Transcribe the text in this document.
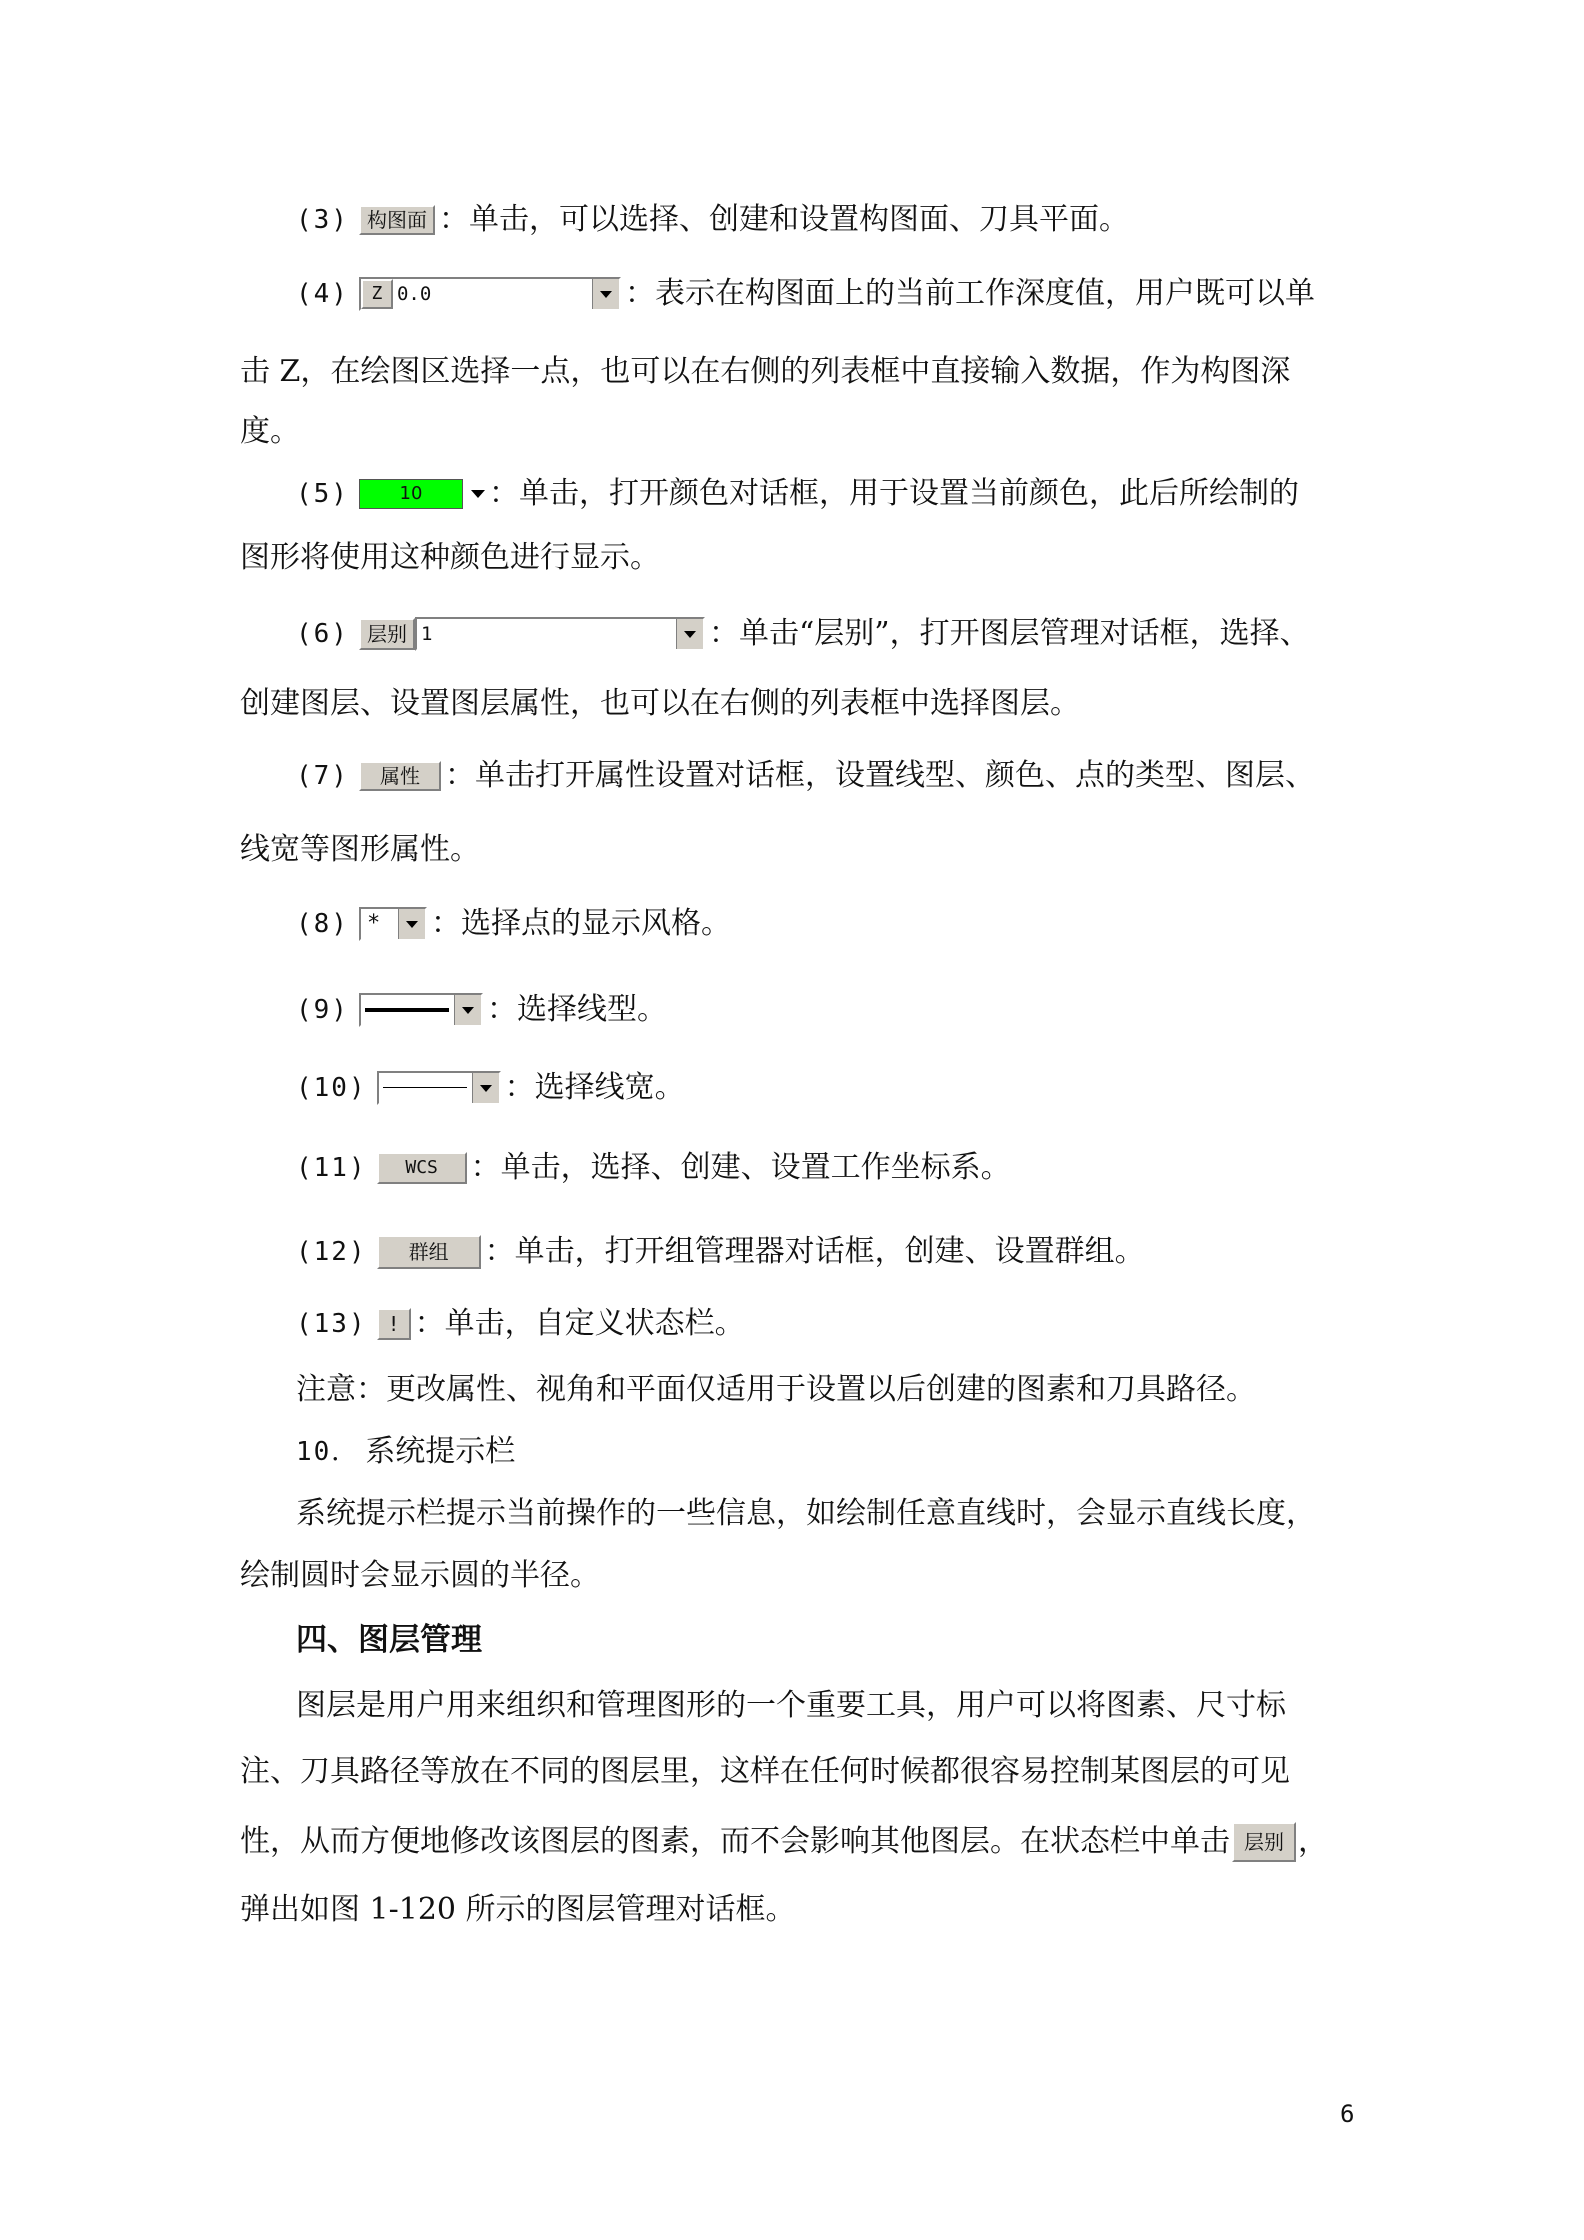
(3) 构图面 ：单击，可以选择、创建和设置构图面、刀具平面。
(4)	Z 0.0	：表示在构图面上的当前工作深度值，用户既可以单
击 Z，在绘图区选择一点，也可以在右侧的列表框中直接输入数据，作为构图深
度。
(5)	10	：单击，打开颜色对话框，用于设置当前颜色，此后所绘制的
图形将使用这种颜色进行显示。
(6) 层别 1	：单击“层别”，打开图层管理对话框，选择、
创建图层、设置图层属性，也可以在右侧的列表框中选择图层。
(7)	属性 ：单击打开属性设置对话框，设置线型、颜色、点的类型、图层、
线宽等图形属性。
(8) * ：选择点的显示风格。
(9)	：选择线型。
(10)	：选择线宽。
(11)	WCS	：单击，选择、创建、设置工作坐标系。
(12)	群组	：单击，打开组管理器对话框，创建、设置群组。
(13)	! ：单击，自定义状态栏。
注意：更改属性、视角和平面仅适用于设置以后创建的图素和刀具路径。
10． 系统提示栏
系统提示栏提示当前操作的一些信息，如绘制任意直线时，会显示直线长度，
绘制圆时会显示圆的半径。
四、图层管理
图层是用户用来组织和管理图形的一个重要工具，用户可以将图素、尺寸标
注、刀具路径等放在不同的图层里，这样在任何时候都很容易控制某图层的可见
性，从而方便地修改该图层的图素，而不会影响其他图层。在状态栏中单击 层别 ，
弹出如图 1-120 所示的图层管理对话框。
6
